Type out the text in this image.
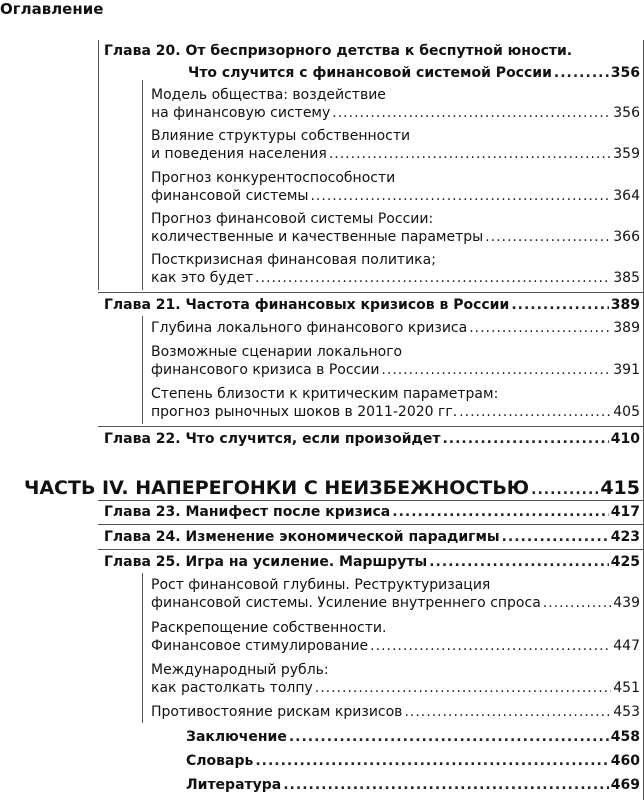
Оглавление
Глава 20. От беспризорного детства к беспутной юности.
Что случится с финансовой системой России .....	356
Модель общества: воздействие
на финансовую систему .....	356
Влияние структуры собственности
и поведения населения .....	359
Прогноз конкурентоспособности
финансовой системы .....	364
Прогноз финансовой системы России:
количественные и качественные параметры .....	366
Посткризисная финансовая политика;
как это будет .....	385
Глава 21. Частота финансовых кризисов в России .....	389
Глубина локального финансового кризиса .....	389
Возможные сценарии локального
финансового кризиса в России .....	391
Степень близости к критическим параметрам:
прогноз рыночных шоков в 2011-2020 гг. .....	405
Глава 22. Что случится, если произойдет .....	410
ЧАСТЬ IV. НАПЕРЕГОНКИ С НЕИЗБЕЖНОСТЬЮ .....	415
Глава 23. Манифест после кризиса .....	417
Глава 24. Изменение экономической парадигмы .....	423
Глава 25. Игра на усиление. Маршруты .....	425
Рост финансовой глубины. Реструктуризация
финансовой системы. Усиление внутреннего спроса .....	439
Раскрепощение собственности.
Финансовое стимулирование .....	447
Международный рубль:
как растолкать толпу .....	451
Противостояние рискам кризисов .....	453
Заключение .....	458
Словарь .....	460
Литература .....	469
